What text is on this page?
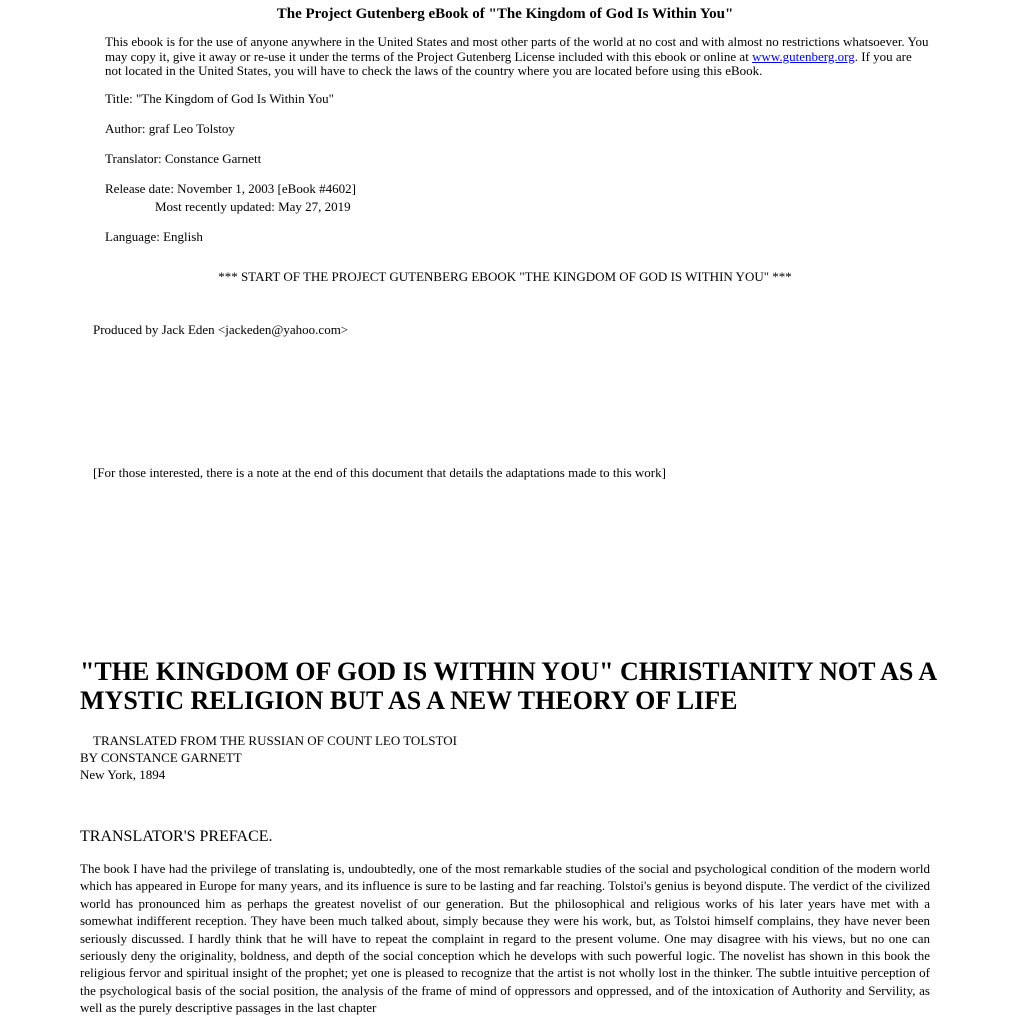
The Project Gutenberg eBook of "The Kingdom of God Is Within You"
This ebook is for the use of anyone anywhere in the United States and most other parts of the world at no cost and with almost no restrictions whatsoever. You may copy it, give it away or re-use it under the terms of the Project Gutenberg License included with this ebook or online at www.gutenberg.org. If you are not located in the United States, you will have to check the laws of the country where you are located before using this eBook.
Title: "The Kingdom of God Is Within You"
Author: graf Leo Tolstoy
Translator: Constance Garnett
Release date: November 1, 2003 [eBook #4602]
Most recently updated: May 27, 2019
Language: English
*** START OF THE PROJECT GUTENBERG EBOOK "THE KINGDOM OF GOD IS WITHIN YOU" ***
Produced by Jack Eden <jackeden@yahoo.com>
[For those interested, there is a note at the end of this document that details the adaptations made to this work]
"THE KINGDOM OF GOD IS WITHIN YOU" CHRISTIANITY NOT AS A MYSTIC RELIGION BUT AS A NEW THEORY OF LIFE
TRANSLATED FROM THE RUSSIAN OF COUNT LEO TOLSTOI
BY CONSTANCE GARNETT
New York, 1894
TRANSLATOR'S PREFACE.

The book I have had the privilege of translating is, undoubtedly, one of the most remarkable studies of the social and psychological condition of the modern world which has appeared in Europe for many years, and its influence is sure to be lasting and far reaching. Tolstoi's genius is beyond dispute. The verdict of the civilized world has pronounced him as perhaps the greatest novelist of our generation. But the philosophical and religious works of his later years have met with a somewhat indifferent reception. They have been much talked about, simply because they were his work, but, as Tolstoi himself complains, they have never been seriously discussed. I hardly think that he will have to repeat the complaint in regard to the present volume. One may disagree with his views, but no one can seriously deny the originality, boldness, and depth of the social conception which he develops with such powerful logic. The novelist has shown in this book the religious fervor and spiritual insight of the prophet; yet one is pleased to recognize that the artist is not wholly lost in the thinker. The subtle intuitive perception of the psychological basis of the social position, the analysis of the frame of mind of oppressors and oppressed, and of the intoxication of Authority and Servility, as well as the purely descriptive passages in the last chapter
